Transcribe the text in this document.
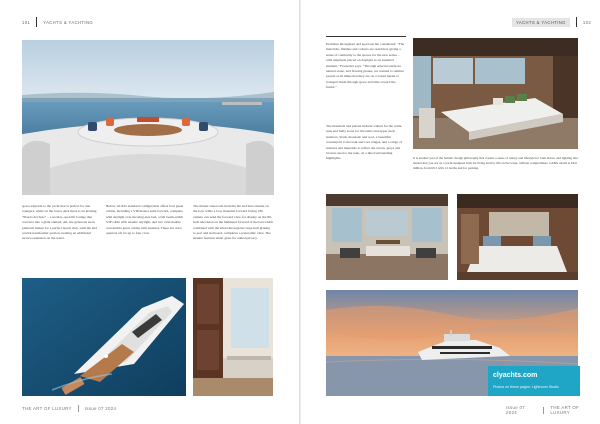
101	YACHTS & YACHTING	YACHTS & YACHTING	102
space adjacent to the yacht that is perfect for sun loungers, while on the lower deck there is an inviting "Piazza del Sole" – a secular, open lift lounge that converts into a giant sunbed. Aft, the generous stern platform makes for a perfect beach club, with the 2nd central transformer portion creating an additional terrace extension on the water.
Below, GL8d's standard configuration offers four guest cabins, including a VIP master suite forward, complete with skylight over the king-size bed, a full beam-width VIP cabin with ensuite daylight, and two twin/double convertible guest cabins with ensuites. There are crew quarters aft for up to four crew.
The master stateroom includes his and hers ensuite on the bow while a bow mounted forward facing 180 camera can send the forward view for display on the 80-inch television on the bulkhead forward of the bed which combined with the smart through the large hull glazing to port and starboard, completes a panoramic view. The ensuite features smart glass for added privacy.
Promises throughout and spacious but considered: "The materials, finishes and colours are restricted, giving a sense of continuity to the spaces for the new series – with emphasis placed on daylight as an essential element," Frauscher says. "Through selected surfaces, natural stone, and flowing planes, we wanted to remind people at all times that they are on a vessel meant to transport them through space and time toward the future."
The materials and palette include walnut for the walls, teak and Sully stone for the stairs and upper deck interiors. Stark, monastic and cool, a beautiful counterpart to the teak and cool ranges, and a range of textures and materials to reflect the waves, greys and browns used to the teak, on a lined surrounding highlights.	It is another part of the holistic design philosophy that creates a sense of luxury and lifestyle for both indoor and lighting that instant that you are on a yacht designed both for living and for life on the water, without compromises. GL86s retails at €6.6 million, from €6.5 with 12 berths and for parking.
clyachts.com
Photos on these pages: Lightroom Studio
THE ART OF LUXURY	Issue 07 2024	Issue 07 2024
THE ART OF LUXURY
